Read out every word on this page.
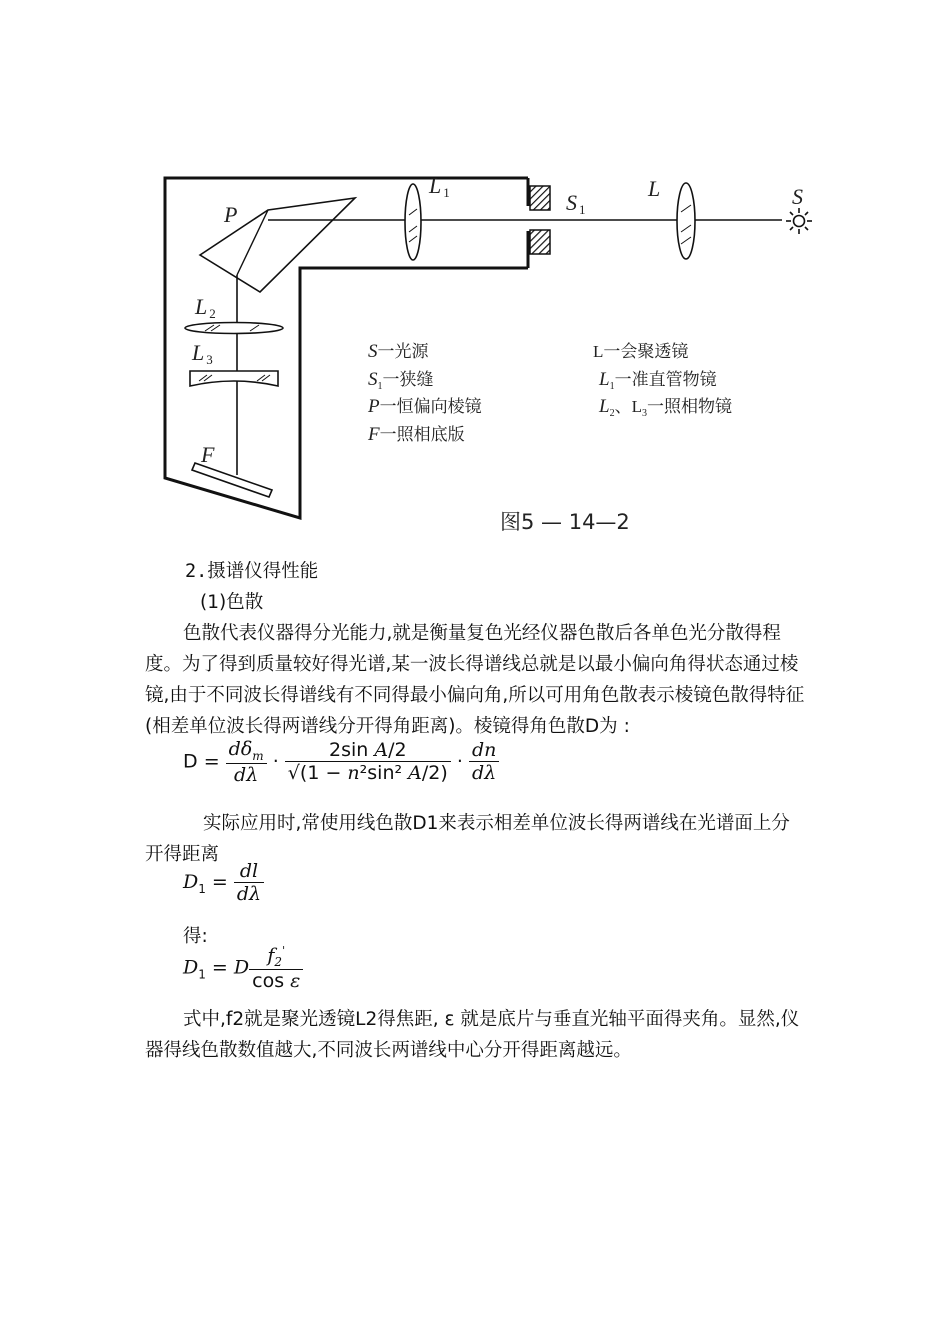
P
L 1	S 1
L	S
L 2
L 3
F
S一光源
$S_1$一狭缝
P一恒偏向棱镜
F一照相底版
L一会聚透镜
$L_1$一准直管物镜
$L_2$、$L_3$一照相物镜
图5 — 14—2
2.摄谱仪得性能
(1)色散

色散代表仪器得分光能力,就是衡量复色光经仪器色散后各单色光分散得程度。为了得到质量较好得光谱,某一波长得谱线总就是以最小偏向角得状态通过棱镜,由于不同波长得谱线有不同得最小偏向角,所以可用角色散表示棱镜色散得特征(相差单位波长得两谱线分开得角距离)。棱镜得角色散D为 :

$D = \frac{d\delta_m}{d\lambda} \cdot \frac{\text{2sin A/2}}{\text{√(1 − n²sin² A/2)}} \cdot \frac{dn}{d\lambda}$

实际应用时,常使用线色散D1来表示相差单位波长得两谱线在光谱面上分开得距离

$D_1 = \frac{dl}{d\lambda}$
得:
$D_1 = D \frac{f_2'}{\text{cos ε}}$

式中,f2就是聚光透镜L2得焦距, ε 就是底片与垂直光轴平面得夹角。显然,仪器得线色散数值越大,不同波长两谱线中心分开得距离越远。
